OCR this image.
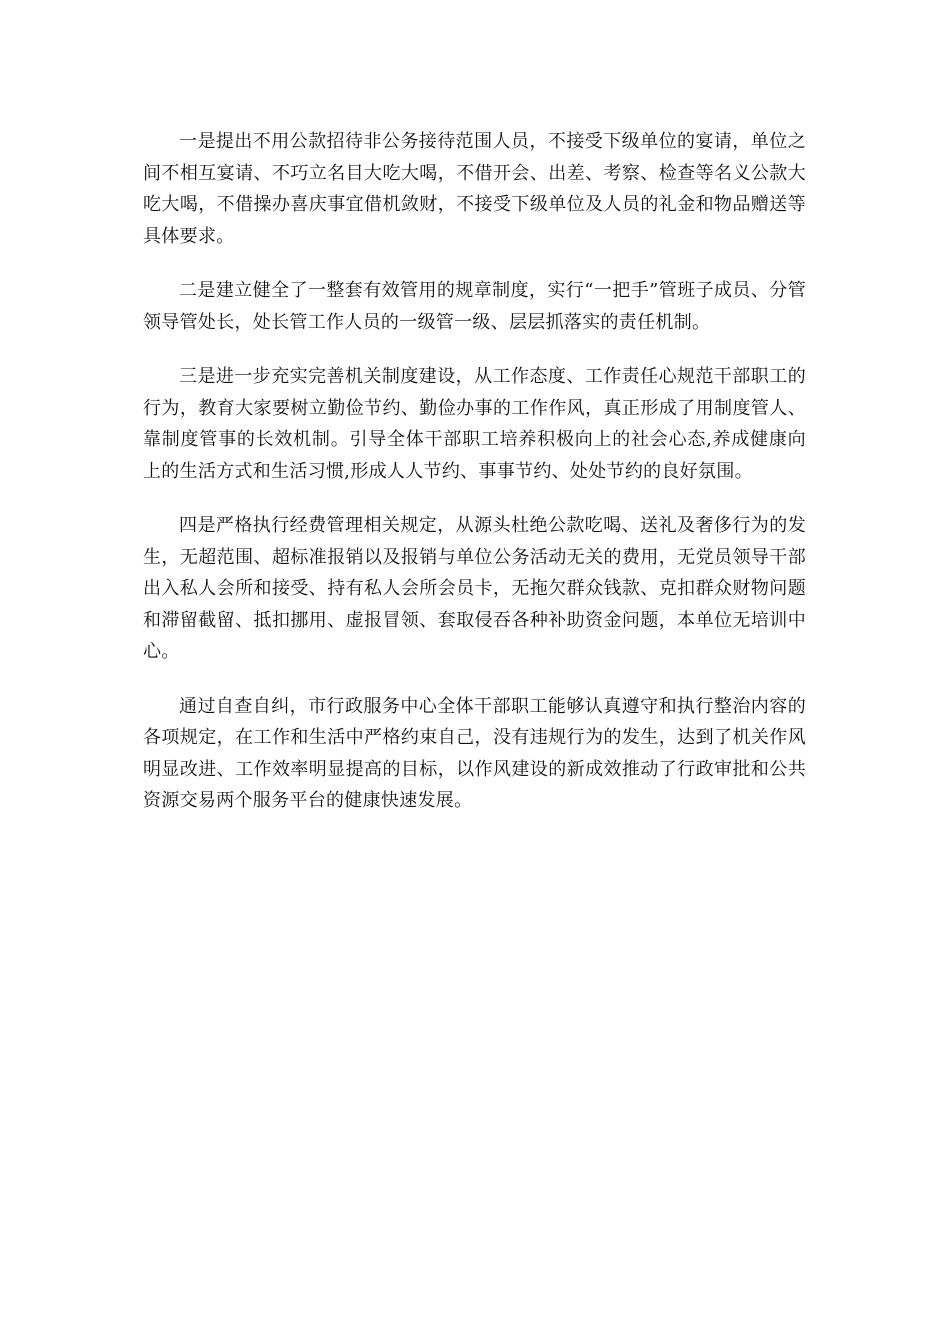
一是提出不用公款招待非公务接待范围人员，不接受下级单位的宴请，单位之间不相互宴请、不巧立名目大吃大喝，不借开会、出差、考察、检查等名义公款大吃大喝，不借操办喜庆事宜借机敛财，不接受下级单位及人员的礼金和物品赠送等具体要求。

二是建立健全了一整套有效管用的规章制度，实行“一把手”管班子成员、分管领导管处长，处长管工作人员的一级管一级、层层抓落实的责任机制。

三是进一步充实完善机关制度建设，从工作态度、工作责任心规范干部职工的行为，教育大家要树立勤俭节约、勤俭办事的工作作风，真正形成了用制度管人、靠制度管事的长效机制。引导全体干部职工培养积极向上的社会心态,养成健康向上的生活方式和生活习惯,形成人人节约、事事节约、处处节约的良好氛围。

四是严格执行经费管理相关规定，从源头杜绝公款吃喝、送礼及奢侈行为的发生，无超范围、超标准报销以及报销与单位公务活动无关的费用，无党员领导干部出入私人会所和接受、持有私人会所会员卡，无拖欠群众钱款、克扣群众财物问题和滞留截留、抵扣挪用、虚报冒领、套取侵吞各种补助资金问题，本单位无培训中心。

通过自查自纠，市行政服务中心全体干部职工能够认真遵守和执行整治内容的各项规定，在工作和生活中严格约束自己，没有违规行为的发生，达到了机关作风明显改进、工作效率明显提高的目标，以作风建设的新成效推动了行政审批和公共资源交易两个服务平台的健康快速发展。
